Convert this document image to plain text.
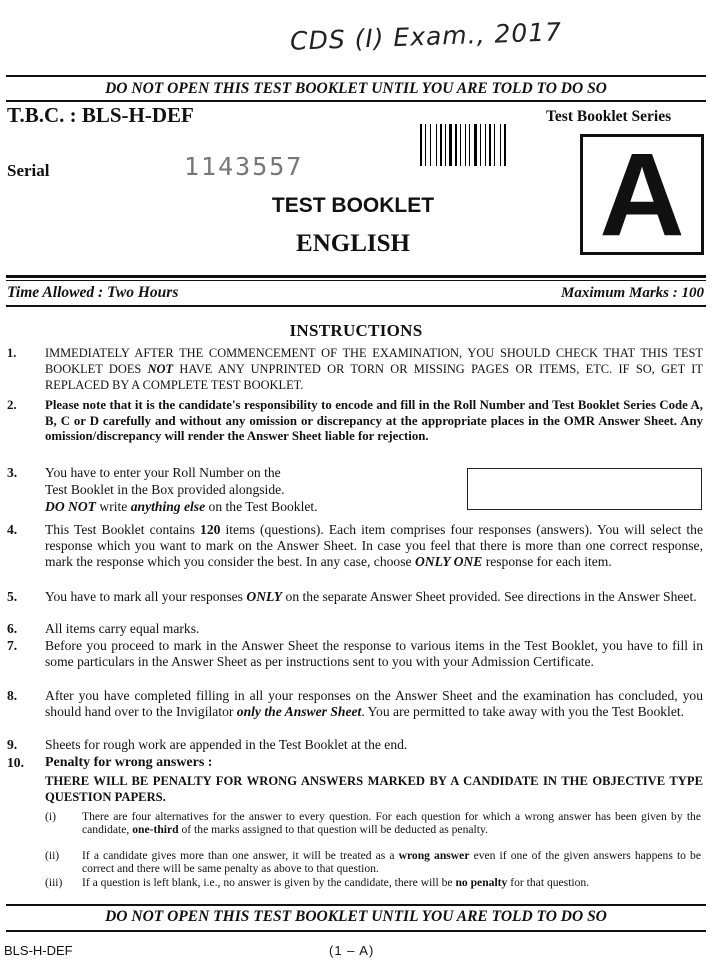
CDS (I) Exam., 2017
DO NOT OPEN THIS TEST BOOKLET UNTIL YOU ARE TOLD TO DO SO
T.B.C. : BLS-H-DEF	Test Booklet Series
Serial	1143557	A
TEST BOOKLET
ENGLISH
Time Allowed : Two Hours	Maximum Marks : 100
INSTRUCTIONS
1. IMMEDIATELY AFTER THE COMMENCEMENT OF THE EXAMINATION, YOU SHOULD CHECK THAT THIS TEST BOOKLET DOES NOT HAVE ANY UNPRINTED OR TORN OR MISSING PAGES OR ITEMS, ETC. IF SO, GET IT REPLACED BY A COMPLETE TEST BOOKLET.
2. Please note that it is the candidate's responsibility to encode and fill in the Roll Number and Test Booklet Series Code A, B, C or D carefully and without any omission or discrepancy at the appropriate places in the OMR Answer Sheet. Any omission/discrepancy will render the Answer Sheet liable for rejection.
3. You have to enter your Roll Number on the
Test Booklet in the Box provided alongside.
DO NOT write anything else on the Test Booklet.
4. This Test Booklet contains 120 items (questions). Each item comprises four responses (answers). You will select the response which you want to mark on the Answer Sheet. In case you feel that there is more than one correct response, mark the response which you consider the best. In any case, choose ONLY ONE response for each item.
5. You have to mark all your responses ONLY on the separate Answer Sheet provided. See directions in the Answer Sheet.
6. All items carry equal marks.
7. Before you proceed to mark in the Answer Sheet the response to various items in the Test Booklet, you have to fill in some particulars in the Answer Sheet as per instructions sent to you with your Admission Certificate.
8. After you have completed filling in all your responses on the Answer Sheet and the examination has concluded, you should hand over to the Invigilator only the Answer Sheet. You are permitted to take away with you the Test Booklet.
9. Sheets for rough work are appended in the Test Booklet at the end.
10. Penalty for wrong answers :
THERE WILL BE PENALTY FOR WRONG ANSWERS MARKED BY A CANDIDATE IN THE OBJECTIVE TYPE QUESTION PAPERS.
(i) There are four alternatives for the answer to every question. For each question for which a wrong answer has been given by the candidate, one-third of the marks assigned to that question will be deducted as penalty.
(ii) If a candidate gives more than one answer, it will be treated as a wrong answer even if one of the given answers happens to be correct and there will be same penalty as above to that question.
(iii) If a question is left blank, i.e., no answer is given by the candidate, there will be no penalty for that question.
DO NOT OPEN THIS TEST BOOKLET UNTIL YOU ARE TOLD TO DO SO
BLS-H-DEF	(1 – A)
